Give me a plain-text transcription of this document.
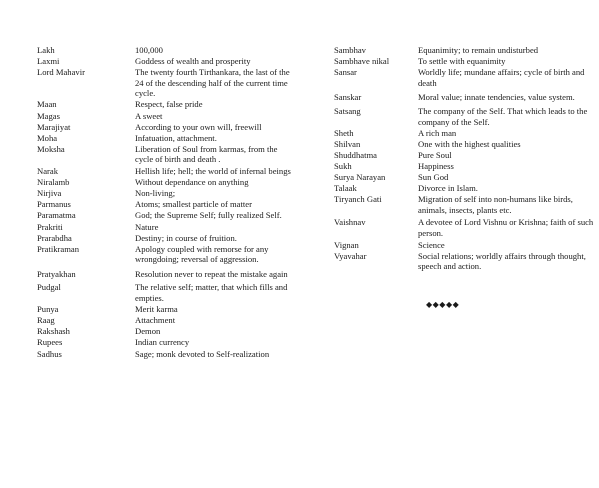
Lakh	100,000
Laxmi	Goddess of wealth and prosperity
Lord Mahavir	The twenty fourth Tirthankara, the last of the 24 of the descending half of the current time cycle.
Maan	Respect, false pride
Magas	A sweet
Marajiyat	According to your own will, freewill
Moha	Infatuation, attachment.
Moksha	Liberation of Soul from karmas, from the cycle of birth and death .
Narak	Hellish life; hell; the world of infernal beings
Niralamb	Without dependance on anything
Nirjiva	Non-living;
Parmanus	Atoms; smallest particle of matter
Paramatma	God; the Supreme Self; fully realized Self.
Prakriti	Nature
Prarabdha	Destiny; in course of fruition.
Pratikraman	Apology coupled with remorse for any wrongdoing; reversal of aggression.
Pratyakhan	Resolution never to repeat the mistake again
Pudgal	The relative self; matter, that which fills and empties.
Punya	Merit karma
Raag	Attachment
Rakshash	Demon
Rupees	Indian currency
Sadhus	Sage; monk devoted to Self-realization
Sambhav	Equanimity; to remain undisturbed
Sambhave nikal	To settle with equanimity
Sansar	Worldly life; mundane affairs; cycle of birth and death
Sanskar	Moral value; innate tendencies, value system.
Satsang	The company of the Self. That which leads to the company of the Self.
Sheth	A rich man
Shilvan	One with the highest qualities
Shuddhatma	Pure Soul
Sukh	Happiness
Surya Narayan	Sun God
Talaak	Divorce in Islam.
Tiryanch Gati	Migration of self into non-humans like birds, animals, insects, plants etc.
Vaishnav	A devotee of Lord Vishnu or Krishna; faith of such person.
Vignan	Science
Vyavahar	Social relations; worldly affairs through thought, speech and action.
◆◆◆◆◆
